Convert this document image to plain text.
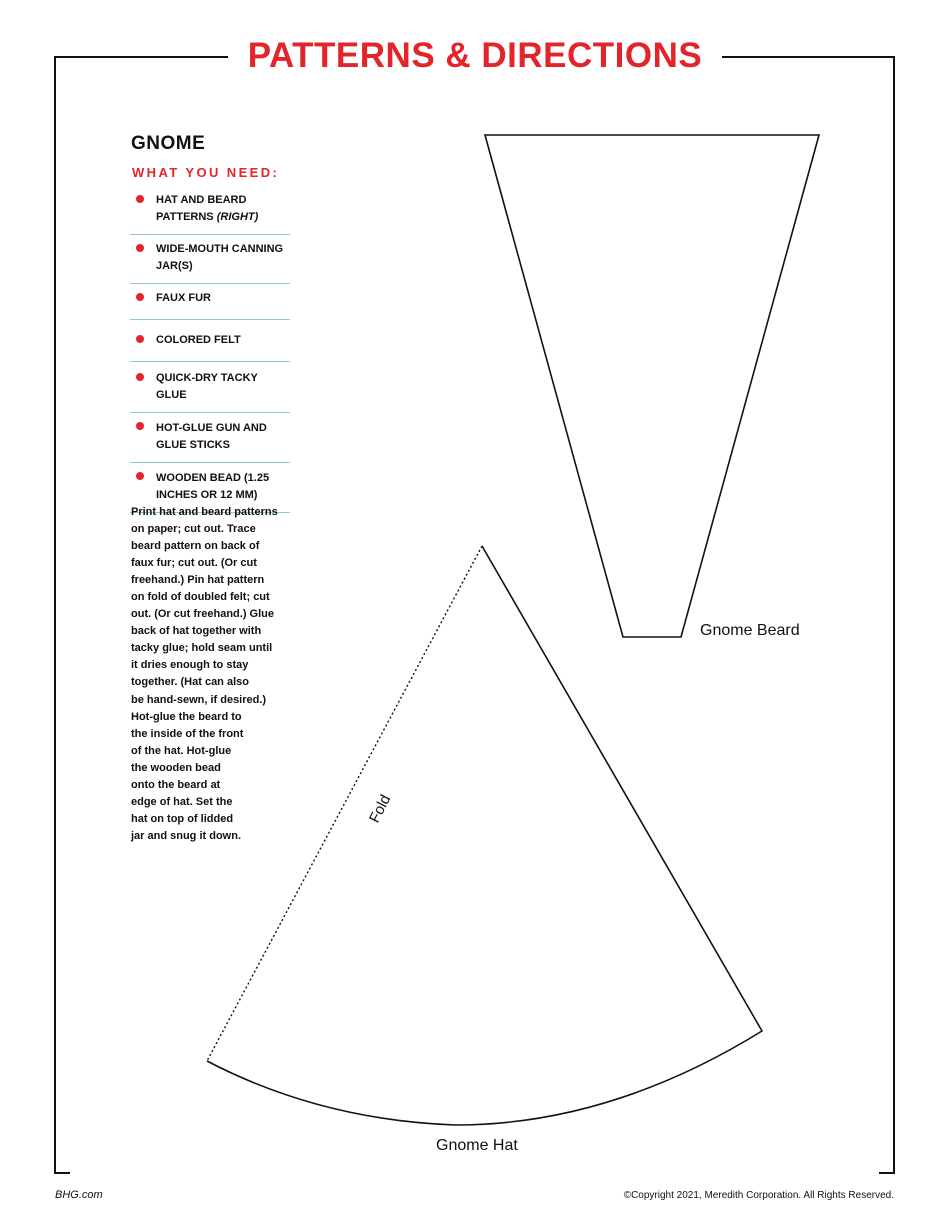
PATTERNS & DIRECTIONS
GNOME
WHAT YOU NEED:
HAT AND BEARD PATTERNS (RIGHT)
WIDE-MOUTH CANNING JAR(S)
FAUX FUR
COLORED FELT
QUICK-DRY TACKY GLUE
HOT-GLUE GUN AND GLUE STICKS
WOODEN BEAD (1.25 INCHES OR 12 MM)
Print hat and beard patterns
on paper; cut out. Trace
beard pattern on back of
faux fur; cut out. (Or cut
freehand.) Pin hat pattern
on fold of doubled felt; cut
out. (Or cut freehand.) Glue
back of hat together with
tacky glue; hold seam until
it dries enough to stay
together. (Hat can also
be hand-sewn, if desired.)
Hot-glue the beard to
the inside of the front
of the hat. Hot-glue
the wooden bead
onto the beard at
edge of hat. Set the
hat on top of lidded
jar and snug it down.
Gnome Beard
Gnome Hat
Fold
BHG.com	©Copyright 2021, Meredith Corporation. All Rights Reserved.
